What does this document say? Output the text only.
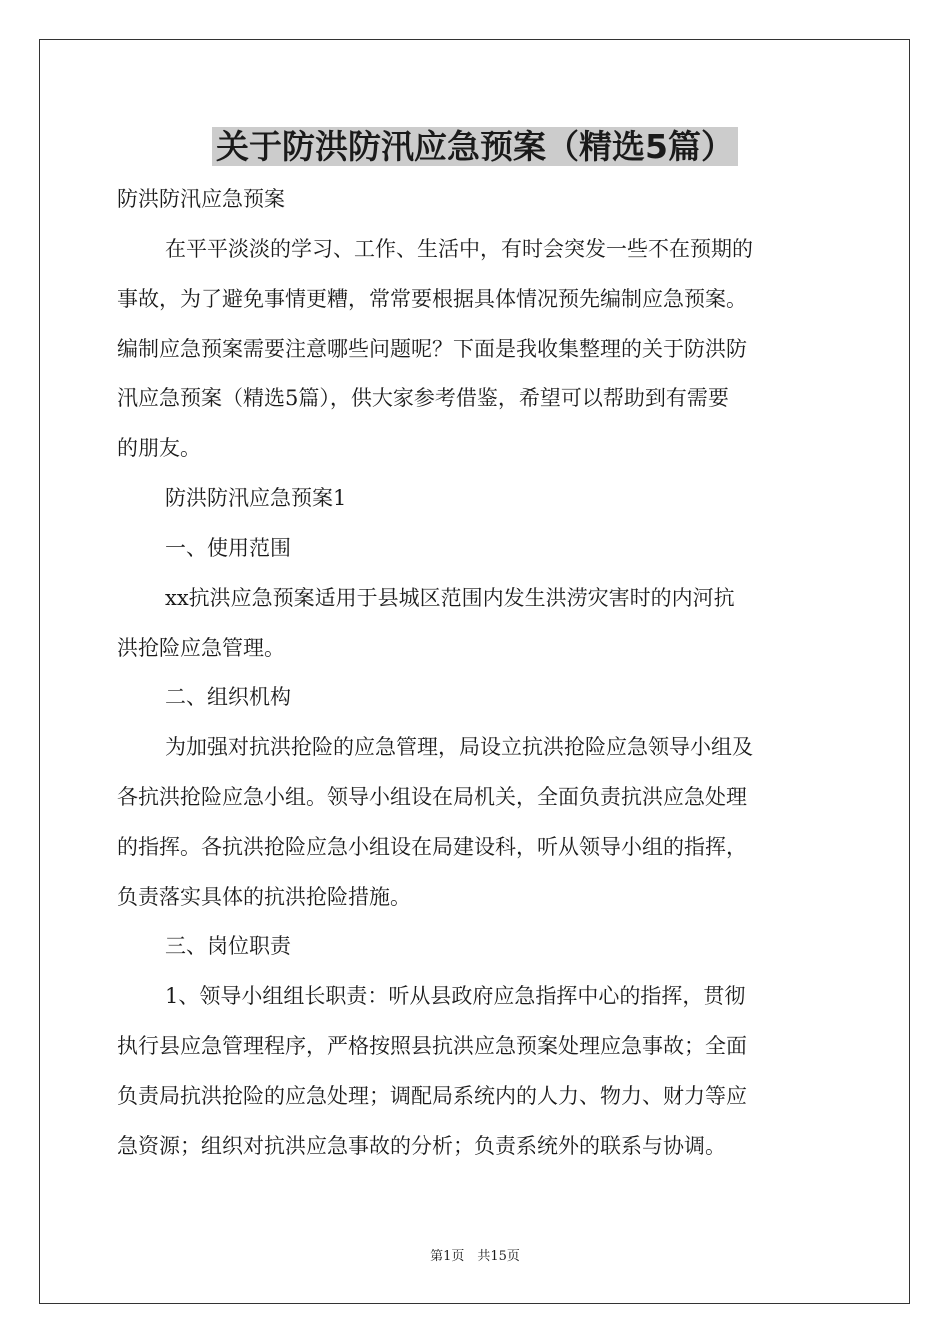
关于防洪防汛应急预案（精选5篇）
防洪防汛应急预案
在平平淡淡的学习、工作、生活中，有时会突发一些不在预期的
事故，为了避免事情更糟，常常要根据具体情况预先编制应急预案。
编制应急预案需要注意哪些问题呢？下面是我收集整理的关于防洪防
汛应急预案（精选5篇），供大家参考借鉴，希望可以帮助到有需要
的朋友。
防洪防汛应急预案1
一、使用范围
xx抗洪应急预案适用于县城区范围内发生洪涝灾害时的内河抗
洪抢险应急管理。
二、组织机构
为加强对抗洪抢险的应急管理，局设立抗洪抢险应急领导小组及
各抗洪抢险应急小组。领导小组设在局机关，全面负责抗洪应急处理
的指挥。各抗洪抢险应急小组设在局建设科，听从领导小组的指挥，
负责落实具体的抗洪抢险措施。
三、岗位职责
1、领导小组组长职责：听从县政府应急指挥中心的指挥，贯彻
执行县应急管理程序，严格按照县抗洪应急预案处理应急事故；全面
负责局抗洪抢险的应急处理；调配局系统内的人力、物力、财力等应
急资源；组织对抗洪应急事故的分析；负责系统外的联系与协调。
第1页　共15页
